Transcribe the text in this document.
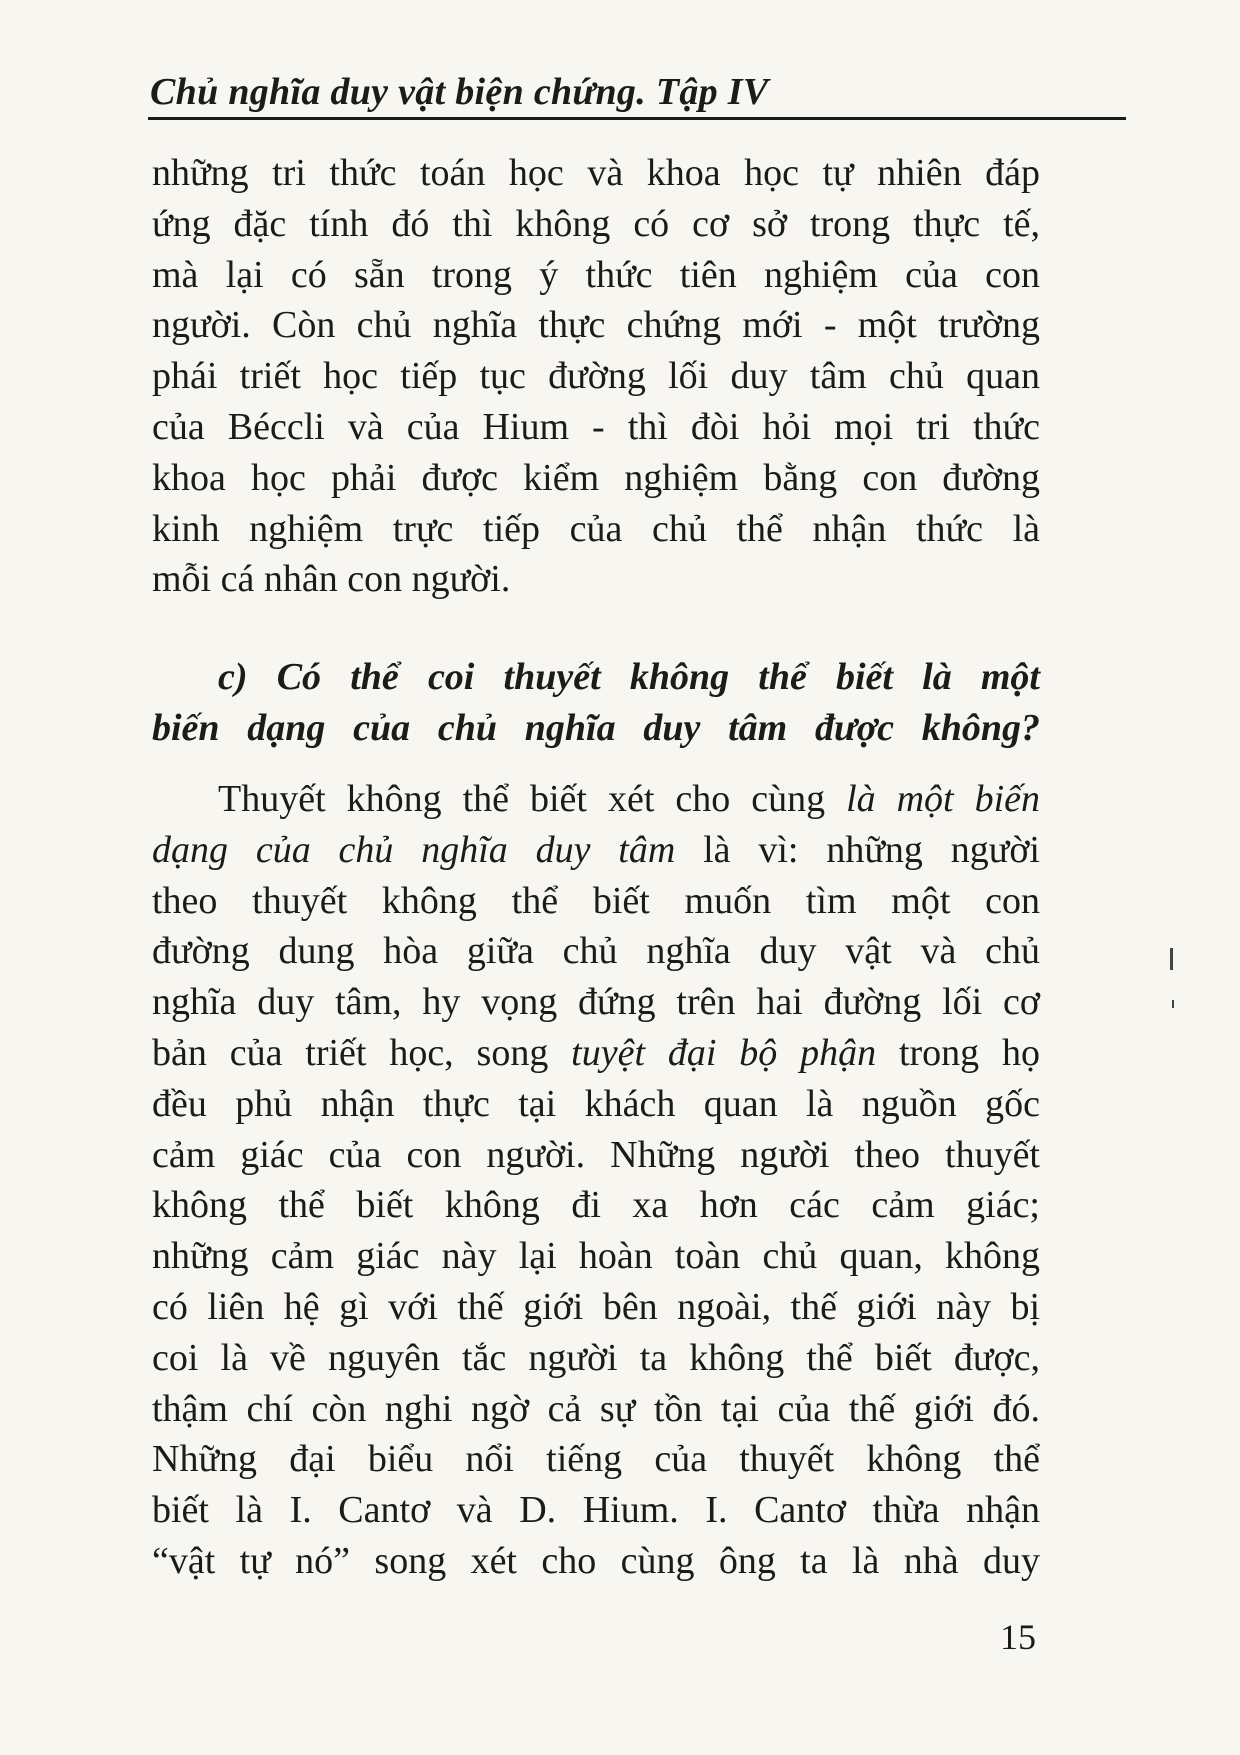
Chủ nghĩa duy vật biện chứng. Tập IV
những tri thức toán học và khoa học tự nhiên đáp
ứng đặc tính đó thì không có cơ sở trong thực tế,
mà lại có sẵn trong ý thức tiên nghiệm của con
người. Còn chủ nghĩa thực chứng mới - một trường
phái triết học tiếp tục đường lối duy tâm chủ quan
của Béccli và của Hium - thì đòi hỏi mọi tri thức
khoa học phải được kiểm nghiệm bằng con đường
kinh nghiệm trực tiếp của chủ thể nhận thức là
mỗi cá nhân con người.
c) Có thể coi thuyết không thể biết là một
biến dạng của chủ nghĩa duy tâm được không?
Thuyết không thể biết xét cho cùng là một biến
dạng của chủ nghĩa duy tâm là vì: những người
theo thuyết không thể biết muốn tìm một con
đường dung hòa giữa chủ nghĩa duy vật và chủ
nghĩa duy tâm, hy vọng đứng trên hai đường lối cơ
bản của triết học, song tuyệt đại bộ phận trong họ
đều phủ nhận thực tại khách quan là nguồn gốc
cảm giác của con người. Những người theo thuyết
không thể biết không đi xa hơn các cảm giác;
những cảm giác này lại hoàn toàn chủ quan, không
có liên hệ gì với thế giới bên ngoài, thế giới này bị
coi là về nguyên tắc người ta không thể biết được,
thậm chí còn nghi ngờ cả sự tồn tại của thế giới đó.
Những đại biểu nổi tiếng của thuyết không thể
biết là I. Cantơ và D. Hium. I. Cantơ thừa nhận
“vật tự nó” song xét cho cùng ông ta là nhà duy
15
